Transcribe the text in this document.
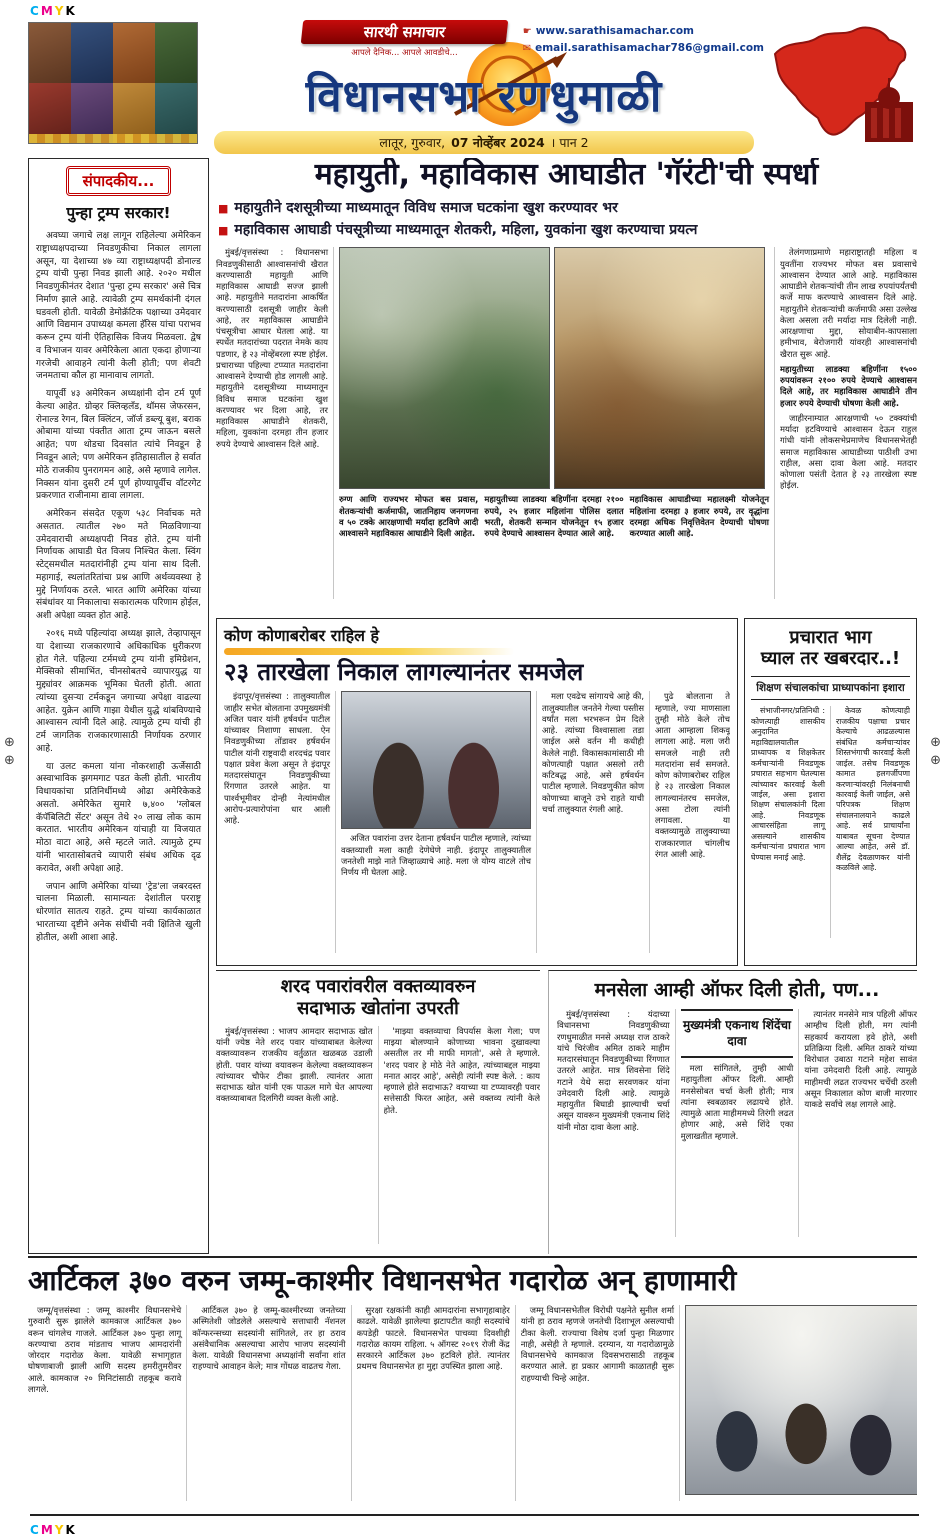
CMYK
CMYK
⊕
⊕
⊕
⊕
सारथी समाचार
आपले दैनिक... आपले आवडीचे...
☛ www.sarathisamachar.com
✉ email.sarathisamachar786@gmail.com
विधानसभा रणधुमाळी
लातूर, गुरुवार, 07 नोव्हेंबर 2024 । पान 2
संपादकीय...
पुन्हा ट्रम्प सरकार!

अवघ्या जगाचे लक्ष लागून राहिलेल्या अमेरिकन राष्ट्राध्यक्षपदाच्या निवडणुकीचा निकाल लागला असून, या देशाच्या ४७ व्या राष्ट्राध्यक्षपदी डोनाल्ड ट्रम्प यांची पुन्हा निवड झाली आहे. २०२० मधील निवडणुकीनंतर देशात 'पुन्हा ट्रम्प सरकार' असे चित्र निर्माण झाले आहे. त्यावेळी ट्रम्प समर्थकांनी दंगल घडवली होती. यावेळी डेमोक्रॅटिक पक्षाच्या उमेदवार आणि विद्यमान उपाध्यक्ष कमला हॅरिस यांचा पराभव करून ट्रम्प यांनी ऐतिहासिक विजय मिळवला. द्वेष व विभाजन यावर अमेरिकेला आता एकदा होणाऱ्या गरजेची आवाहने त्यांनी केली होती; पण शेवटी जनमताचा कौल हा मानावाच लागतो.

यापूर्वी ४३ अमेरिकन अध्यक्षांनी दोन टर्म पूर्ण केल्या आहेत. ग्रोव्हर क्लिव्हलँड, थॉमस जेफरसन, रोनाल्ड रेगन, बिल क्लिंटन, जॉर्ज डब्ल्यू बुश, बराक ओबामा यांच्या पंक्तीत आता ट्रम्प जाऊन बसले आहेत; पण थोडचा दिवसांत त्यांचे निवडून हे निवडून आले; पण अमेरिकन इतिहासातील हे सर्वात मोठे राजकीय पुनरागमन आहे, असे म्हणावे लागेल. निक्सन यांना दुसरी टर्म पूर्ण होण्यापूर्वीच वॉटरगेट प्रकरणात राजीनामा द्यावा लागला.

अमेरिकन संसदेत एकूण ५३८ निर्वाचक मते असतात. त्यातील २७० मते मिळविणाऱ्या उमेदवाराची अध्यक्षपदी निवड होते. ट्रम्प यांनी निर्णायक आघाडी घेत विजय निश्चित केला. स्विंग स्टेट्समधील मतदारांनीही ट्रम्प यांना साथ दिली. महागाई, स्थलांतरितांचा प्रश्न आणि अर्थव्यवस्था हे मुद्दे निर्णायक ठरले. भारत आणि अमेरिका यांच्या संबंधांवर या निकालाचा सकारात्मक परिणाम होईल, अशी अपेक्षा व्यक्त होत आहे.

२०१६ मध्ये पहिल्यांदा अध्यक्ष झाले, तेव्हापासून या देशाच्या राजकारणाचे अधिकाधिक धुरीकरण होत गेले. पहिल्या टर्ममध्ये ट्रम्प यांनी इमिग्रेशन, मेक्सिको सीमाभिंत, चीनसोबतचे व्यापारयुद्ध या मुद्द्यांवर आक्रमक भूमिका घेतली होती. आता त्यांच्या दुसऱ्या टर्मकडून जगाच्या अपेक्षा वाढल्या आहेत. युक्रेन आणि गाझा येथील युद्धे थांबविण्याचे आश्वासन त्यांनी दिले आहे. त्यामुळे ट्रम्प यांची ही टर्म जागतिक राजकारणासाठी निर्णायक ठरणार आहे.

या उलट कमला यांना नोकरशाही ऊर्जेसाठी अस्वाभाविक झगमगाट पडत केली होती. भारतीय विधायकांचा प्रतिनिधींमध्ये ओढा अमेरिकेकडे असतो. अमेरिकेत सुमारे ७,४०० 'ग्लोबल कॅपॅबिलिटी सेंटर' असून तेथे २० लाख लोक काम करतात. भारतीय अमेरिकन यांचाही या विजयात मोठा वाटा आहे, असे म्हटले जाते. त्यामुळे ट्रम्प यांनी भारतासोबतचे व्यापारी संबंध अधिक दृढ करावेत, अशी अपेक्षा आहे.

जपान आणि अमेरिका यांच्या 'ट्रेड'ला जबरदस्त चालना मिळाली. सामान्यतः देशांतील परराष्ट्र धोरणांत सातत्य राहते. ट्रम्प यांच्या कार्यकाळात भारताच्या दृष्टीने अनेक संधींची नवी क्षितिजे खुली होतील, अशी आशा आहे.

महायुती, महाविकास आघाडीत 'गॅरंटी'ची स्पर्धा
■ महायुतीने दशसूत्रीच्या माध्यमातून विविध समाज घटकांना खुश करण्यावर भर
■ महाविकास आघाडी पंचसूत्रीच्या माध्यमातून शेतकरी, महिला, युवकांना खुश करण्याचा प्रयत्न

मुंबई/वृत्तसंस्था : विधानसभा निवडणुकीसाठी आश्वासनांची खैरात करण्यासाठी महायुती आणि महाविकास आघाडी सज्ज झाली आहे. महायुतीने मतदारांना आकर्षित करण्यासाठी दशसूत्री जाहीर केली आहे, तर महाविकास आघाडीने पंचसूत्रीचा आधार घेतला आहे. या स्पर्धेत मतदारांच्या पदरात नेमके काय पडणार, हे २३ नोव्हेंबरला स्पष्ट होईल. प्रचाराच्या पहिल्या टप्प्यात मतदारांना आश्वासने देण्याची होड लागली आहे. महायुतीने दशसूत्रीच्या माध्यमातून विविध समाज घटकांना खुश करण्यावर भर दिला आहे, तर महाविकास आघाडीने शेतकरी, महिला, युवकांना दरमहा तीन हजार रुपये देण्याचे आश्वासन दिले आहे.

रुग्ण आणि राज्यभर मोफत बस प्रवास, शेतकऱ्यांची कर्जमाफी, जातनिहाय जनगणना व ५० टक्के आरक्षणाची मर्यादा हटविणे आदी आश्वासने महाविकास आघाडीने दिली आहेत.

महायुतीच्या लाडक्या बहिणींना दरमहा २१०० रुपये, २५ हजार महिलांना पोलिस दलात भरती, शेतकरी सन्मान योजनेतून १५ हजार रुपये देण्याचे आश्वासन देण्यात आले आहे.

महाविकास आघाडीच्या महालक्ष्मी योजनेतून महिलांना दरमहा ३ हजार रुपये, तर वृद्धांना दरमहा अधिक निवृत्तिवेतन देण्याची घोषणा करण्यात आली आहे.

तेलंगणाप्रमाणे महाराष्ट्रातही महिला व युवतींना राज्यभर मोफत बस प्रवासाचे आश्वासन देण्यात आले आहे. महाविकास आघाडीने शेतकऱ्यांची तीन लाख रुपयांपर्यंतची कर्जे माफ करण्याचे आश्वासन दिले आहे. महायुतीने शेतकऱ्यांची कर्जमाफी असा उल्लेख केला असला तरी मर्यादा मात्र दिलेली नाही. आरक्षणाचा मुद्दा, सोयाबीन-कापसाला हमीभाव, बेरोजगारी यांवरही आश्वासनांची खैरात सुरू आहे.

महायुतीच्या लाडक्या बहिणींना १५०० रुपयांवरून २१०० रुपये देण्याचे आश्वासन दिले आहे, तर महाविकास आघाडीने तीन हजार रुपये देण्याची घोषणा केली आहे.

जाहीरनाम्यात आरक्षणाची ५० टक्क्यांची मर्यादा हटविण्याचे आश्वासन देऊन राहुल गांधी यांनी लोकसभेप्रमाणेच विधानसभेतही समाज महाविकास आघाडीच्या पाठीशी उभा राहील, असा दावा केला आहे. मतदार कोणाला पसंती देतात हे २३ तारखेला स्पष्ट होईल.

कोण कोणाबरोबर राहिल हे
२३ तारखेला निकाल लागल्यानंतर समजेल

इंदापूर/वृत्तसंस्था : तालुक्यातील जाहीर सभेत बोलताना उपमुख्यमंत्री अजित पवार यांनी हर्षवर्धन पाटील यांच्यावर निशाणा साधला. ऐन निवडणुकीच्या तोंडावर हर्षवर्धन पाटील यांनी राष्ट्रवादी शरदचंद्र पवार पक्षात प्रवेश केला असून ते इंदापूर मतदारसंघातून निवडणुकीच्या रिंगणात उतरले आहेत. या पार्श्वभूमीवर दोन्ही नेत्यांमधील आरोप-प्रत्यारोपांना धार आली आहे.

अजित पवारांना उत्तर देताना हर्षवर्धन पाटील म्हणाले, त्यांच्या वक्तव्याशी मला काही देणेघेणे नाही. इंदापूर तालुक्यातील जनतेशी माझे नाते जिव्हाळ्याचे आहे. मला जे योग्य वाटले तोच निर्णय मी घेतला आहे.

मला एवढेच सांगायचे आहे की, तालुक्यातील जनतेने गेल्या पस्तीस वर्षांत मला भरभरून प्रेम दिले आहे. त्यांच्या विश्वासाला तडा जाईल असे वर्तन मी कधीही केलेले नाही. विकासकामांसाठी मी कोणत्याही पक्षात असलो तरी कटिबद्ध आहे, असे हर्षवर्धन पाटील म्हणाले. निवडणुकीत कोण कोणाच्या बाजूने उभे राहते याची चर्चा तालुक्यात रंगली आहे.

पुढे बोलताना ते म्हणाले, ज्या माणसाला तुम्ही मोठे केले तोच आता आम्हाला शिकवू लागला आहे. मला जरी समजले नाही तरी मतदारांना सर्व समजते. कोण कोणाबरोबर राहिल हे २३ तारखेला निकाल लागल्यानंतरच समजेल, असा टोला त्यांनी लगावला. या वक्तव्यामुळे तालुक्याच्या राजकारणात चांगलीच रंगत आली आहे.

प्रचारात भाग
घ्याल तर खबरदार..!
शिक्षण संचालकांचा प्राध्यापकांना इशारा

संभाजीनगर/प्रतिनिधी : कोणत्याही शासकीय अनुदानित महाविद्यालयातील प्राध्यापक व शिक्षकेतर कर्मचाऱ्यांनी निवडणूक प्रचारात सहभाग घेतल्यास त्यांच्यावर कारवाई केली जाईल, असा इशारा शिक्षण संचालकांनी दिला आहे. निवडणूक आचारसंहिता लागू असल्याने शासकीय कर्मचाऱ्यांना प्रचारात भाग घेण्यास मनाई आहे.

केवळ कोणत्याही राजकीय पक्षाचा प्रचार केल्याचे आढळल्यास संबंधित कर्मचाऱ्यांवर शिस्तभंगाची कारवाई केली जाईल. तसेच निवडणूक कामात हलगर्जीपणा करणाऱ्यांवरही निलंबनाची कारवाई केली जाईल, असे परिपत्रक शिक्षण संचालनालयाने काढले आहे. सर्व प्राचार्यांना याबाबत सूचना देण्यात आल्या आहेत, असे डॉ. शैलेंद्र देवळाणकर यांनी कळविले आहे.

शरद पवारांवरील वक्तव्यावरुन
सदाभाऊ खोतांना उपरती

मुंबई/वृत्तसंस्था : भाजप आमदार सदाभाऊ खोत यांनी ज्येष्ठ नेते शरद पवार यांच्याबाबत केलेल्या वक्तव्यावरून राजकीय वर्तुळात खळबळ उडाली होती. पवार यांच्या वयावरून केलेल्या वक्तव्यावरून त्यांच्यावर चौफेर टीका झाली. त्यानंतर आता सदाभाऊ खोत यांनी एक पाऊल मागे घेत आपल्या वक्तव्याबाबत दिलगिरी व्यक्त केली आहे.

'माझ्या वक्तव्याचा विपर्यास केला गेला; पण माझ्या बोलण्याने कोणाच्या भावना दुखावल्या असतील तर मी माफी मागतो', असे ते म्हणाले. 'शरद पवार हे मोठे नेते आहेत, त्यांच्याबद्दल माझ्या मनात आदर आहे', असेही त्यांनी स्पष्ट केले. : काय म्हणाले होते सदाभाऊ? वयाच्या या टप्प्यावरही पवार सत्तेसाठी फिरत आहेत, असे वक्तव्य त्यांनी केले होते.

मनसेला आम्ही ऑफर दिली होती, पण...

मुंबई/वृत्तसंस्था : यंदाच्या विधानसभा निवडणुकीच्या रणधुमाळीत मनसे अध्यक्ष राज ठाकरे यांचे चिरंजीव अमित ठाकरे माहीम मतदारसंघातून निवडणुकीच्या रिंगणात उतरले आहेत. मात्र शिवसेना शिंदे गटाने येथे सदा सरवणकर यांना उमेदवारी दिली आहे. त्यामुळे महायुतीत बिघाडी झाल्याची चर्चा असून यावरून मुख्यमंत्री एकनाथ शिंदे यांनी मोठा दावा केला आहे.

मुख्यमंत्री एकनाथ शिंदेंचा दावा

मला सांगितले, तुम्ही आधी महायुतीला ऑफर दिली. आम्ही मनसेसोबत चर्चा केली होती; मात्र त्यांना स्वबळावर लढायचे होते. त्यामुळे आता माहीममध्ये तिरंगी लढत होणार आहे, असे शिंदे एका मुलाखतीत म्हणाले.

त्यानंतर मनसेने मात्र पहिली ऑफर आम्हीच दिली होती, मग त्यांनी सहकार्य करायला हवे होते, अशी प्रतिक्रिया दिली. अमित ठाकरे यांच्या विरोधात उबाठा गटाने महेश सावंत यांना उमेदवारी दिली आहे. त्यामुळे माहीमची लढत राज्यभर चर्चेची ठरली असून निकालात कोण बाजी मारणार याकडे सर्वांचे लक्ष लागले आहे.

आर्टिकल ३७० वरुन जम्मू-काश्मीर विधानसभेत गदारोळ अन् हाणामारी

जम्मू/वृत्तसंस्था : जम्मू काश्मीर विधानसभेचे गुरुवारी सुरू झालेले कामकाज आर्टिकल ३७० वरून चांगलेच गाजले. आर्टिकल ३७० पुन्हा लागू करण्याचा ठराव मांडताच भाजप आमदारांनी जोरदार गदारोळ केला. यावेळी सभागृहात घोषणाबाजी झाली आणि सदस्य हमरीतुमरीवर आले. कामकाज २० मिनिटांसाठी तहकूब करावे लागले.

आर्टिकल ३७० हे जम्मू-काश्मीरच्या जनतेच्या अस्मितेशी जोडलेले असल्याचे सत्ताधारी नॅशनल कॉन्फरन्सच्या सदस्यांनी सांगितले, तर हा ठराव असंवैधानिक असल्याचा आरोप भाजप सदस्यांनी केला. यावेळी विधानसभा अध्यक्षांनी सर्वांना शांत राहण्याचे आवाहन केले; मात्र गोंधळ वाढतच गेला.

सुरक्षा रक्षकांनी काही आमदारांना सभागृहाबाहेर काढले. यावेळी झालेल्या झटापटीत काही सदस्यांचे कपडेही फाटले. विधानसभेत पाचव्या दिवशीही गदारोळ कायम राहिला. ५ ऑगस्ट २०१९ रोजी केंद्र सरकारने आर्टिकल ३७० हटविले होते. त्यानंतर प्रथमच विधानसभेत हा मुद्दा उपस्थित झाला आहे.

जम्मू विधानसभेतील विरोधी पक्षनेते सुनील शर्मा यांनी हा ठराव म्हणजे जनतेची दिशाभूल असल्याची टीका केली. राज्याचा विशेष दर्जा पुन्हा मिळणार नाही, असेही ते म्हणाले. दरम्यान, या गदारोळामुळे विधानसभेचे कामकाज दिवसभरासाठी तहकूब करण्यात आले. हा प्रकार आगामी काळातही सुरू राहण्याची चिन्हे आहेत.
